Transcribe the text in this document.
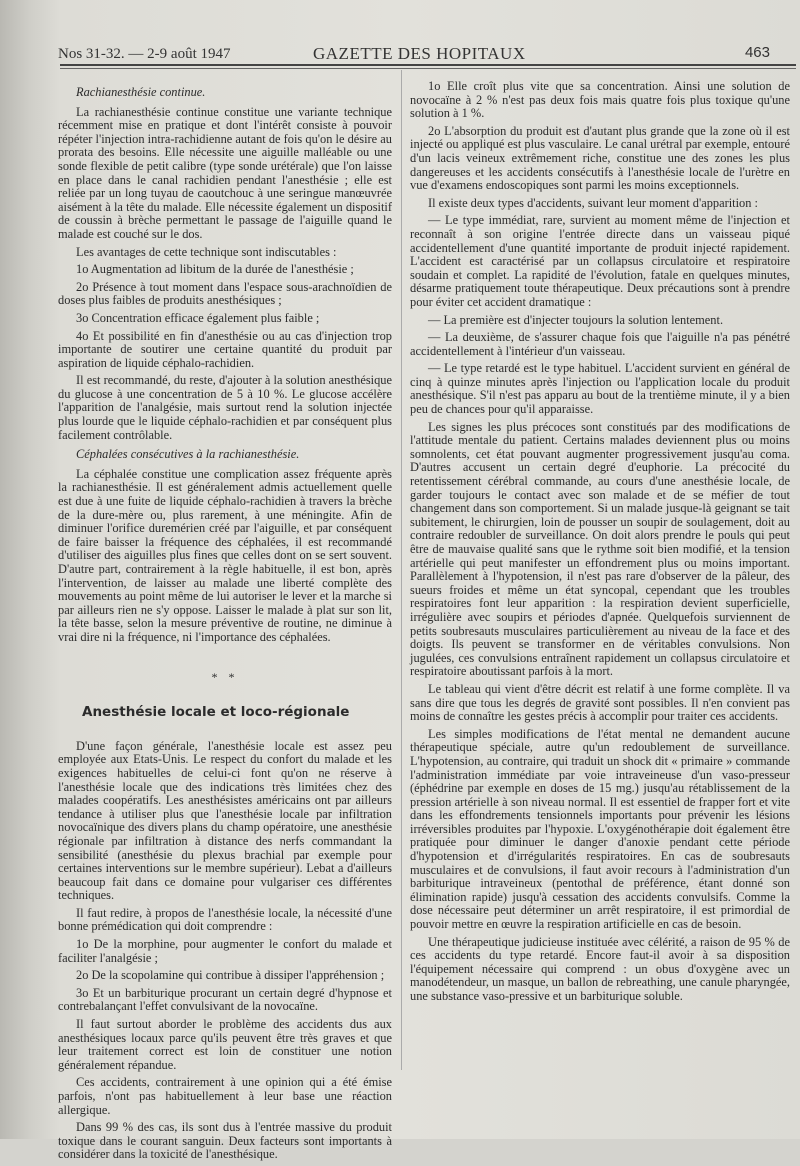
Nos 31-32. — 2-9 août 1947	GAZETTE DES HOPITAUX	463
Rachianesthésie continue.

La rachianesthésie continue constitue une variante technique récemment mise en pratique et dont l'intérêt consiste à pouvoir répéter l'injection intra-rachidienne autant de fois qu'on le désire au prorata des besoins. Elle nécessite une aiguille malléable ou une sonde flexible de petit calibre (type sonde urétérale) que l'on laisse en place dans le canal rachidien pendant l'anesthésie ; elle est reliée par un long tuyau de caoutchouc à une seringue manœuvrée aisément à la tête du malade. Elle nécessite également un dispositif de coussin à brèche permettant le passage de l'aiguille quand le malade est couché sur le dos.

Les avantages de cette technique sont indiscutables :

1o Augmentation ad libitum de la durée de l'anesthésie ;

2o Présence à tout moment dans l'espace sous-arachnoïdien de doses plus faibles de produits anesthésiques ;

3o Concentration efficace également plus faible ;

4o Et possibilité en fin d'anesthésie ou au cas d'injection trop importante de soutirer une certaine quantité du produit par aspiration de liquide céphalo-rachidien.

Il est recommandé, du reste, d'ajouter à la solution anesthésique du glucose à une concentration de 5 à 10 %. Le glucose accélère l'apparition de l'analgésie, mais surtout rend la solution injectée plus lourde que le liquide céphalo-rachidien et par conséquent plus facilement contrôlable.

Céphalées consécutives à la rachianesthésie.

La céphalée constitue une complication assez fréquente après la rachianesthésie. Il est généralement admis actuellement quelle est due à une fuite de liquide céphalo-rachidien à travers la brèche de la dure-mère ou, plus rarement, à une méningite. Afin de diminuer l'orifice duremérien créé par l'aiguille, et par conséquent de faire baisser la fréquence des céphalées, il est recommandé d'utiliser des aiguilles plus fines que celles dont on se sert souvent. D'autre part, contrairement à la règle habituelle, il est bon, après l'intervention, de laisser au malade une liberté complète des mouvements au point même de lui autoriser le lever et la marche si par ailleurs rien ne s'y oppose. Laisser le malade à plat sur son lit, la tête basse, selon la mesure préventive de routine, ne diminue à vrai dire ni la fréquence, ni l'importance des céphalées.

* *
Anesthésie locale et loco-régionale

D'une façon générale, l'anesthésie locale est assez peu employée aux Etats-Unis. Le respect du confort du malade et les exigences habituelles de celui-ci font qu'on ne réserve à l'anesthésie locale que des indications très limitées chez des malades coopératifs. Les anesthésistes américains ont par ailleurs tendance à utiliser plus que l'anesthésie locale par infiltration novocaïnique des divers plans du champ opératoire, une anesthésie régionale par infiltration à distance des nerfs commandant la sensibilité (anesthésie du plexus brachial par exemple pour certaines interventions sur le membre supérieur). Lebat a d'ailleurs beaucoup fait dans ce domaine pour vulgariser ces différentes techniques.

Il faut redire, à propos de l'anesthésie locale, la nécessité d'une bonne prémédication qui doit comprendre :

1o De la morphine, pour augmenter le confort du malade et faciliter l'analgésie ;

2o De la scopolamine qui contribue à dissiper l'appréhension ;

3o Et un barbiturique procurant un certain degré d'hypnose et contrebalançant l'effet convulsivant de la novocaïne.

Il faut surtout aborder le problème des accidents dus aux anesthésiques locaux parce qu'ils peuvent être très graves et que leur traitement correct est loin de constituer une notion généralement répandue.

Ces accidents, contrairement à une opinion qui a été émise parfois, n'ont pas habituellement à leur base une réaction allergique.

Dans 99 % des cas, ils sont dus à l'entrée massive du produit toxique dans le courant sanguin. Deux facteurs sont importants à considérer dans la toxicité de l'anesthésique.

1o Elle croît plus vite que sa concentration. Ainsi une solution de novocaïne à 2 % n'est pas deux fois mais quatre fois plus toxique qu'une solution à 1 %.

2o L'absorption du produit est d'autant plus grande que la zone où il est injecté ou appliqué est plus vasculaire. Le canal urétral par exemple, entouré d'un lacis veineux extrêmement riche, constitue une des zones les plus dangereuses et les accidents consécutifs à l'anesthésie locale de l'urètre en vue d'examens endoscopiques sont parmi les moins exceptionnels.

Il existe deux types d'accidents, suivant leur moment d'apparition :

— Le type immédiat, rare, survient au moment même de l'injection et reconnaît à son origine l'entrée directe dans un vaisseau piqué accidentellement d'une quantité importante de produit injecté rapidement. L'accident est caractérisé par un collapsus circulatoire et respiratoire soudain et complet. La rapidité de l'évolution, fatale en quelques minutes, désarme pratiquement toute thérapeutique. Deux précautions sont à prendre pour éviter cet accident dramatique :

— La première est d'injecter toujours la solution lentement.

— La deuxième, de s'assurer chaque fois que l'aiguille n'a pas pénétré accidentellement à l'intérieur d'un vaisseau.

— Le type retardé est le type habituel. L'accident survient en général de cinq à quinze minutes après l'injection ou l'application locale du produit anesthésique. S'il n'est pas apparu au bout de la trentième minute, il y a bien peu de chances pour qu'il apparaisse.

Les signes les plus précoces sont constitués par des modifications de l'attitude mentale du patient. Certains malades deviennent plus ou moins somnolents, cet état pouvant augmenter progressivement jusqu'au coma. D'autres accusent un certain degré d'euphorie. La précocité du retentissement cérébral commande, au cours d'une anesthésie locale, de garder toujours le contact avec son malade et de se méfier de tout changement dans son comportement. Si un malade jusque-là geignant se tait subitement, le chirurgien, loin de pousser un soupir de soulagement, doit au contraire redoubler de surveillance. On doit alors prendre le pouls qui peut être de mauvaise qualité sans que le rythme soit bien modifié, et la tension artérielle qui peut manifester un effondrement plus ou moins important. Parallèlement à l'hypotension, il n'est pas rare d'observer de la pâleur, des sueurs froides et même un état syncopal, cependant que les troubles respiratoires font leur apparition : la respiration devient superficielle, irrégulière avec soupirs et périodes d'apnée. Quelquefois surviennent de petits soubresauts musculaires particulièrement au niveau de la face et des doigts. Ils peuvent se transformer en de véritables convulsions. Non jugulées, ces convulsions entraînent rapidement un collapsus circulatoire et respiratoire aboutissant parfois à la mort.

Le tableau qui vient d'être décrit est relatif à une forme complète. Il va sans dire que tous les degrés de gravité sont possibles. Il n'en convient pas moins de connaître les gestes précis à accomplir pour traiter ces accidents.

Les simples modifications de l'état mental ne demandent aucune thérapeutique spéciale, autre qu'un redoublement de surveillance. L'hypotension, au contraire, qui traduit un shock dit « primaire » commande l'administration immédiate par voie intraveineuse d'un vaso-presseur (éphédrine par exemple en doses de 15 mg.) jusqu'au rétablissement de la pression artérielle à son niveau normal. Il est essentiel de frapper fort et vite dans les effondrements tensionnels importants pour prévenir les lésions irréversibles produites par l'hypoxie. L'oxygénothérapie doit également être pratiquée pour diminuer le danger d'anoxie pendant cette période d'hypotension et d'irrégularités respiratoires. En cas de soubresauts musculaires et de convulsions, il faut avoir recours à l'administration d'un barbiturique intraveineux (pentothal de préférence, étant donné son élimination rapide) jusqu'à cessation des accidents convulsifs. Comme la dose nécessaire peut déterminer un arrêt respiratoire, il est primordial de pouvoir mettre en œuvre la respiration artificielle en cas de besoin.

Une thérapeutique judicieuse instituée avec célérité, a raison de 95 % de ces accidents du type retardé. Encore faut-il avoir à sa disposition l'équipement nécessaire qui comprend : un obus d'oxygène avec un manodétendeur, un masque, un ballon de rebreathing, une canule pharyngée, une substance vaso-pressive et un barbiturique soluble.
